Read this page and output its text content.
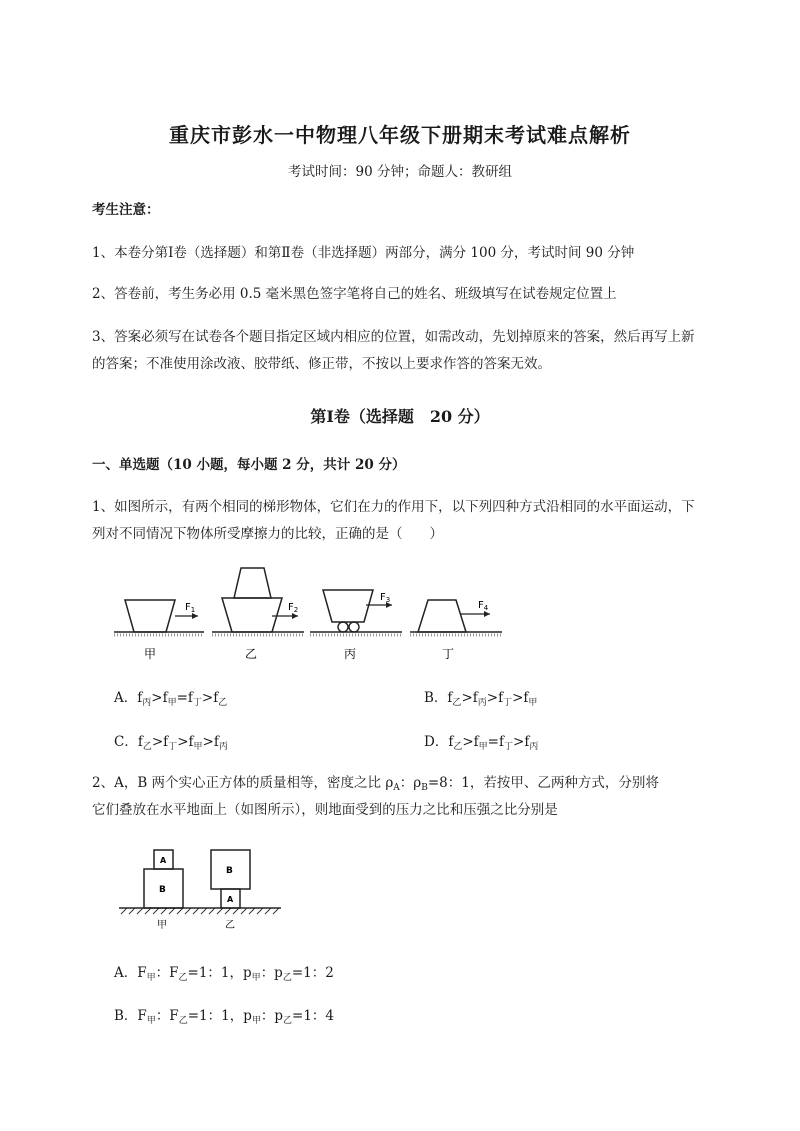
重庆市彭水一中物理八年级下册期末考试难点解析
考试时间：90 分钟；命题人：教研组
考生注意：
1、本卷分第Ⅰ卷（选择题）和第Ⅱ卷（非选择题）两部分，满分 100 分，考试时间 90 分钟
2、答卷前，考生务必用 0.5 毫米黑色签字笔将自己的姓名、班级填写在试卷规定位置上
3、答案必须写在试卷各个题目指定区域内相应的位置，如需改动，先划掉原来的答案，然后再写上新
的答案；不准使用涂改液、胶带纸、修正带，不按以上要求作答的答案无效。
第Ⅰ卷（选择题　20 分）
一、单选题（10 小题，每小题 2 分，共计 20 分）
1、如图所示，有两个相同的梯形物体，它们在力的作用下，以下列四种方式沿相同的水平面运动，下
列对不同情况下物体所受摩擦力的比较，正确的是（　　）
$F_1$	$F_2$
$F_3$	$F_4$
甲	乙	丙	丁
A．$f_丙>f_甲=f_丁>f_乙$	B．$f_乙>f_丙>f_丁>f_甲$
C．$f_乙>f_丁>f_甲>f_丙$	D．$f_乙>f_甲=f_丁>f_丙$
2、A，B 两个实心正方体的质量相等，密度之比 $\rho_A$：$\rho_B=8$：1，若按甲、乙两种方式，分别将
它们叠放在水平地面上（如图所示），则地面受到的压力之比和压强之比分别是
B
A
A
B
甲	乙
A．$F_甲$：$F_乙=1$：1，$p_甲$：$p_乙=1$：2
B．$F_甲$：$F_乙=1$：1，$p_甲$：$p_乙=1$：4
